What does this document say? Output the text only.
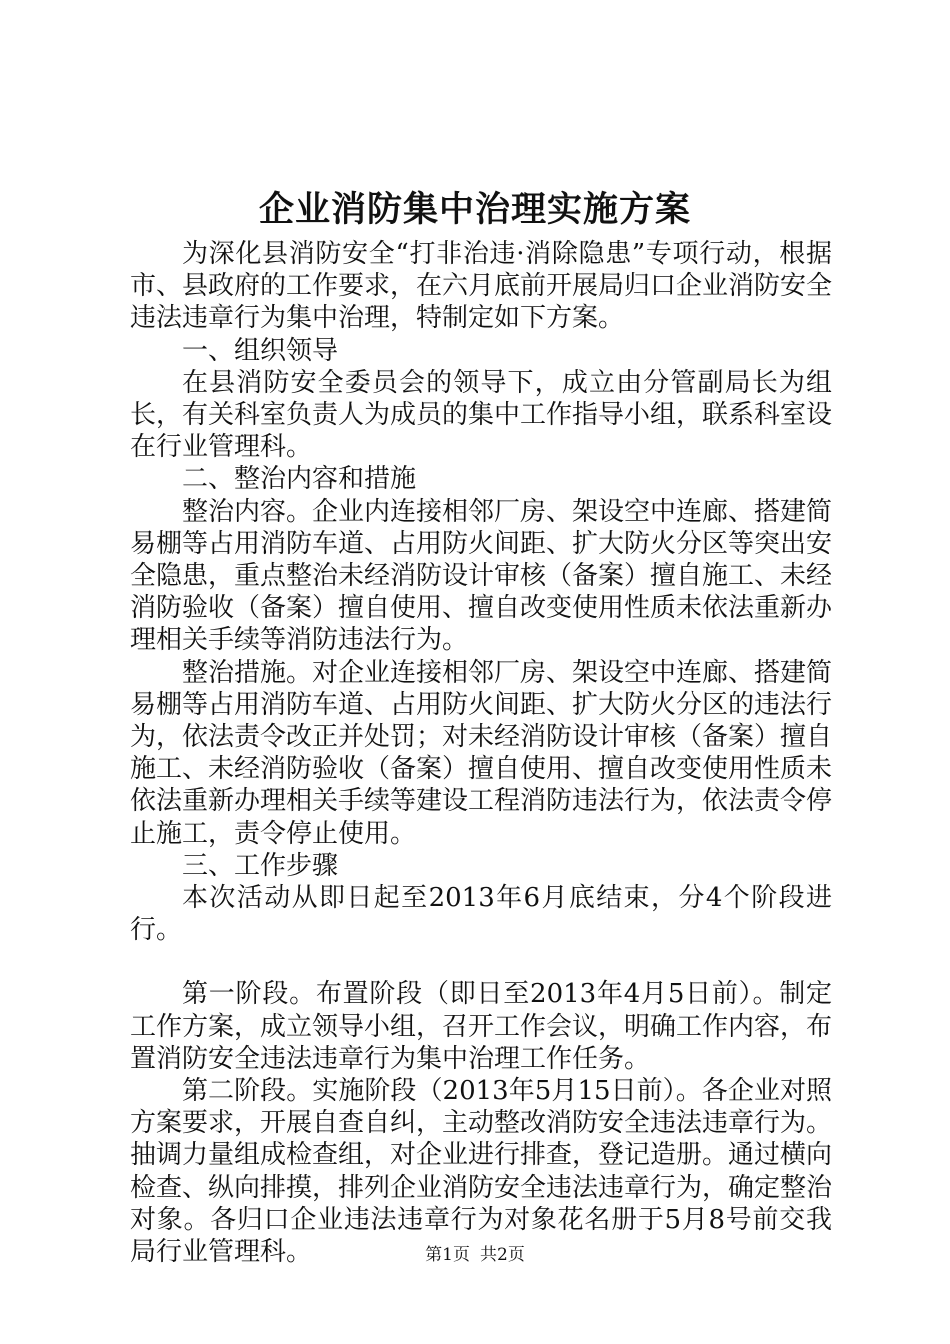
企业消防集中治理实施方案

为深化县消防安全“打非治违·消除隐患”专项行动，根据市、县政府的工作要求，在六月底前开展局归口企业消防安全违法违章行为集中治理，特制定如下方案。

一、组织领导

在县消防安全委员会的领导下，成立由分管副局长为组长，有关科室负责人为成员的集中工作指导小组，联系科室设在行业管理科。

二、整治内容和措施

整治内容。企业内连接相邻厂房、架设空中连廊、搭建简易棚等占用消防车道、占用防火间距、扩大防火分区等突出安全隐患，重点整治未经消防设计审核（备案）擅自施工、未经消防验收（备案）擅自使用、擅自改变使用性质未依法重新办理相关手续等消防违法行为。

整治措施。对企业连接相邻厂房、架设空中连廊、搭建简易棚等占用消防车道、占用防火间距、扩大防火分区的违法行为，依法责令改正并处罚；对未经消防设计审核（备案）擅自施工、未经消防验收（备案）擅自使用、擅自改变使用性质未依法重新办理相关手续等建设工程消防违法行为，依法责令停止施工，责令停止使用。

三、工作步骤

本次活动从即日起至2013年6月底结束，分4个阶段进行。

第一阶段。布置阶段（即日至2013年4月5日前）。制定工作方案，成立领导小组，召开工作会议，明确工作内容，布置消防安全违法违章行为集中治理工作任务。

第二阶段。实施阶段（2013年5月15日前）。各企业对照方案要求，开展自查自纠，主动整改消防安全违法违章行为。抽调力量组成检查组，对企业进行排查，登记造册。通过横向检查、纵向排摸，排列企业消防安全违法违章行为，确定整治对象。各归口企业违法违章行为对象花名册于5月8号前交我局行业管理科。	第1页 共2页
